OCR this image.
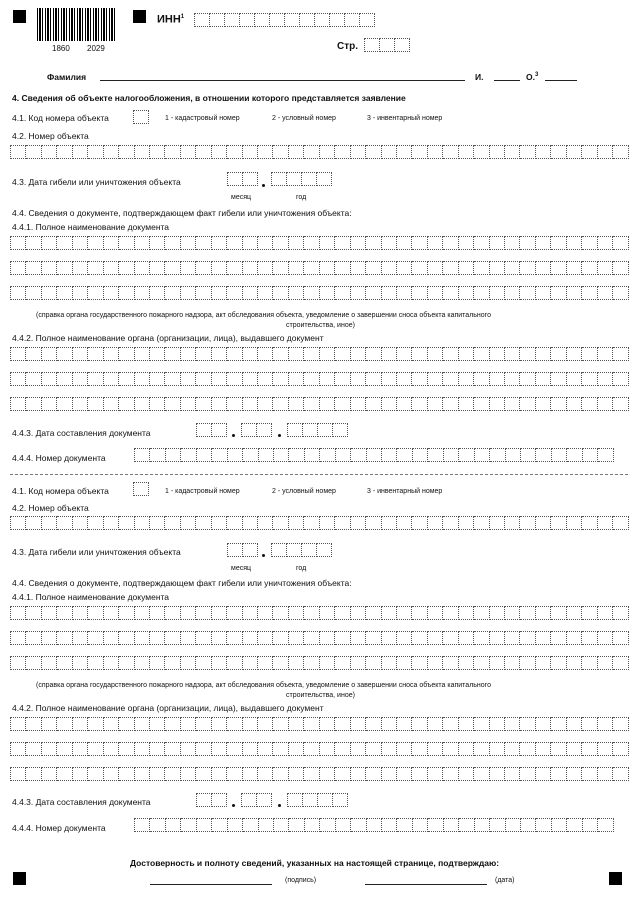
1860 2029
ИНН$^1$
Стр.
Фамилия	И.	О.$^3$
4. Сведения об объекте налогообложения, в отношении которого представляется заявление
4.1. Код номера объекта	1 - кадастровый номер	2 - условный номер	3 - инвентарный номер
4.2. Номер объекта
4.3. Дата гибели или уничтожения объекта
месяц	год
4.4. Сведения о документе, подтверждающем факт гибели или уничтожения объекта:
4.4.1. Полное наименование документа
(справка органа государственного пожарного надзора, акт обследования объекта, уведомление о завершении сноса объекта капитального
строительства, иное)
4.4.2. Полное наименование органа (организации, лица), выдавшего документ
4.4.3. Дата составления документа
4.4.4. Номер документа
4.1. Код номера объекта	1 - кадастровый номер	2 - условный номер	3 - инвентарный номер
4.2. Номер объекта
4.3. Дата гибели или уничтожения объекта
месяц	год
4.4. Сведения о документе, подтверждающем факт гибели или уничтожения объекта:
4.4.1. Полное наименование документа
(справка органа государственного пожарного надзора, акт обследования объекта, уведомление о завершении сноса объекта капитального
строительства, иное)
4.4.2. Полное наименование органа (организации, лица), выдавшего документ
4.4.3. Дата составления документа
4.4.4. Номер документа
Достоверность и полноту сведений, указанных на настоящей странице, подтверждаю:
(подпись)	(дата)
